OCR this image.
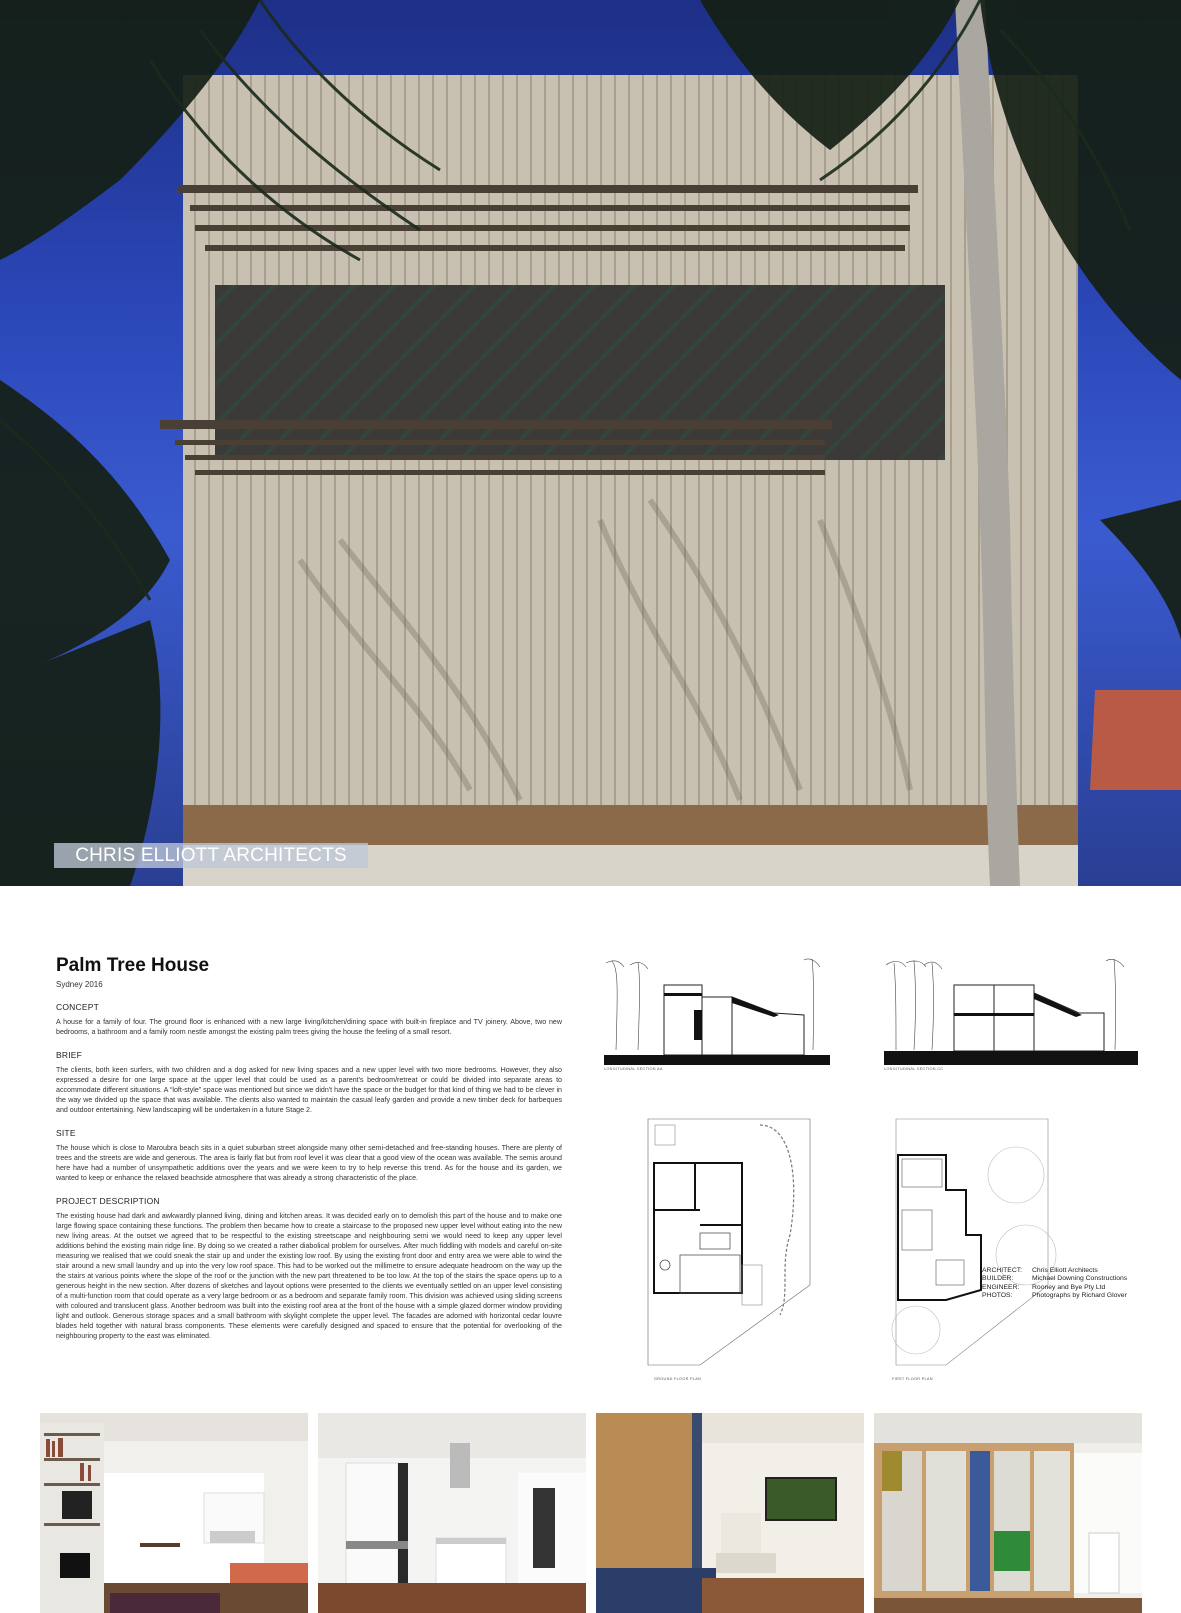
CHRIS ELLIOTT ARCHITECTS
Palm Tree House
Sydney 2016
CONCEPT
A house for a family of four. The ground floor is enhanced with a new large living/kitchen/dining space with built-in fireplace and TV joinery. Above, two new bedrooms, a bathroom and a family room nestle amongst the existing palm trees giving the house the feeling of a small resort.
BRIEF
The clients, both keen surfers, with two children and a dog asked for new living spaces and a new upper level with two more bedrooms. However, they also expressed a desire for one large space at the upper level that could be used as a parent's bedroom/retreat or could be divided into separate areas to accommodate different situations. A “loft-style” space was mentioned but since we didn't have the space or the budget for that kind of thing we had to be clever in the way we divided up the space that was available. The clients also wanted to maintain the casual leafy garden and provide a new timber deck for barbeques and outdoor entertaining. New landscaping will be undertaken in a future Stage 2.
SITE
The house which is close to Maroubra beach sits in a quiet suburban street alongside many other semi-detached and free-standing houses. There are plenty of trees and the streets are wide and generous. The area is fairly flat but from roof level it was clear that a good view of the ocean was available. The semis around here have had a number of unsympathetic additions over the years and we were keen to try to help reverse this trend. As for the house and its garden, we wanted to keep or enhance the relaxed beachside atmosphere that was already a strong characteristic of the place.
PROJECT DESCRIPTION
The existing house had dark and awkwardly planned living, dining and kitchen areas. It was decided early on to demolish this part of the house and to make one large flowing space containing these functions. The problem then became how to create a staircase to the proposed new upper level without eating into the new new living areas. At the outset we agreed that to be respectful to the existing streetscape and neighbouring semi we would need to keep any upper level additions behind the existing main ridge line. By doing so we created a rather diabolical problem for ourselves. After much fiddling with models and careful on-site measuring we realised that we could sneak the stair up and under the existing low roof. By using the existing front door and entry area we were able to wind the stair around a new small laundry and up into the very low roof space. This had to be worked out the millimetre to ensure adequate headroom on the way up the the stairs at various points where the slope of the roof or the junction with the new part threatened to be too low. At the top of the stairs the space opens up to a generous height in the new section. After dozens of sketches and layout options were presented to the clients we eventually settled on an upper level consisting of a multi-function room that could operate as a very large bedroom or as a bedroom and separate family room. This division was achieved using sliding screens with coloured and translucent glass. Another bedroom was built into the existing roof area at the front of the house with a simple glazed dormer window providing light and outlook. Generous storage spaces and a small bathroom with skylight complete the upper level. The facades are adorned with horizontal cedar louvre blades held together with natural brass components. These elements were carefully designed and spaced to ensure that the potential for overlooking of the neighbouring property to the east was eliminated.
LONGITUDINAL SECTION AA	LONGITUDINAL SECTION CC
GROUND FLOOR PLAN	FIRST FLOOR PLAN
ARCHITECT:	Chris Elliott Architects
BUILDER:	Michael Downing Constructions
ENGINEER:	Rooney and Bye Pty Ltd
PHOTOS:	Photographs by Richard Glover
